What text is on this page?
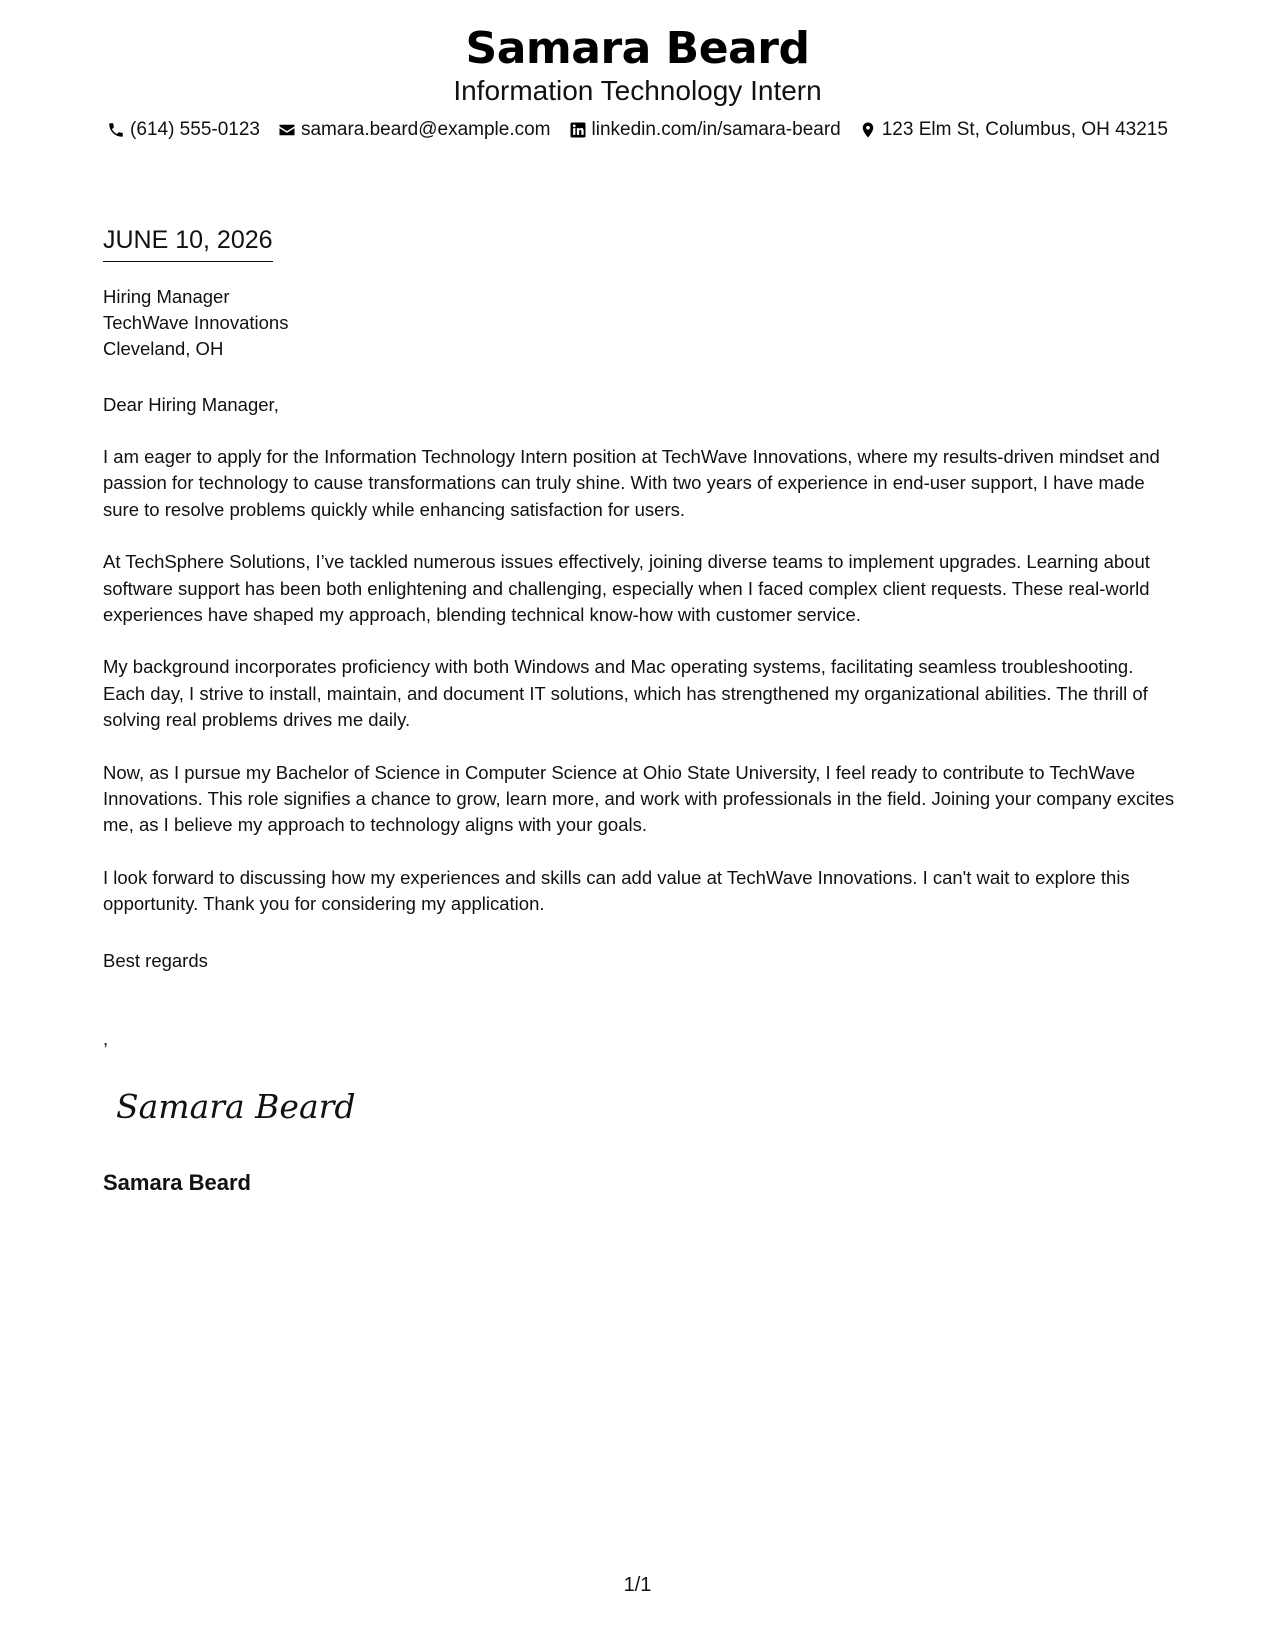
Samara Beard
Information Technology Intern
(614) 555-0123 samara.beard@example.com linkedin.com/in/samara-beard 123 Elm St, Columbus, OH 43215
JUNE 10, 2026
Hiring Manager
TechWave Innovations
Cleveland, OH
Dear Hiring Manager,

I am eager to apply for the Information Technology Intern position at TechWave Innovations, where my results-driven mindset and passion for technology to cause transformations can truly shine. With two years of experience in end-user support, I have made sure to resolve problems quickly while enhancing satisfaction for users.

At TechSphere Solutions, I’ve tackled numerous issues effectively, joining diverse teams to implement upgrades. Learning about software support has been both enlightening and challenging, especially when I faced complex client requests. These real-world experiences have shaped my approach, blending technical know-how with customer service.

My background incorporates proficiency with both Windows and Mac operating systems, facilitating seamless troubleshooting. Each day, I strive to install, maintain, and document IT solutions, which has strengthened my organizational abilities. The thrill of solving real problems drives me daily.

Now, as I pursue my Bachelor of Science in Computer Science at Ohio State University, I feel ready to contribute to TechWave Innovations. This role signifies a chance to grow, learn more, and work with professionals in the field. Joining your company excites me, as I believe my approach to technology aligns with your goals.

I look forward to discussing how my experiences and skills can add value at TechWave Innovations. I can't wait to explore this opportunity. Thank you for considering my application.

Best regards
,
Samara Beard
Samara Beard
1/1
